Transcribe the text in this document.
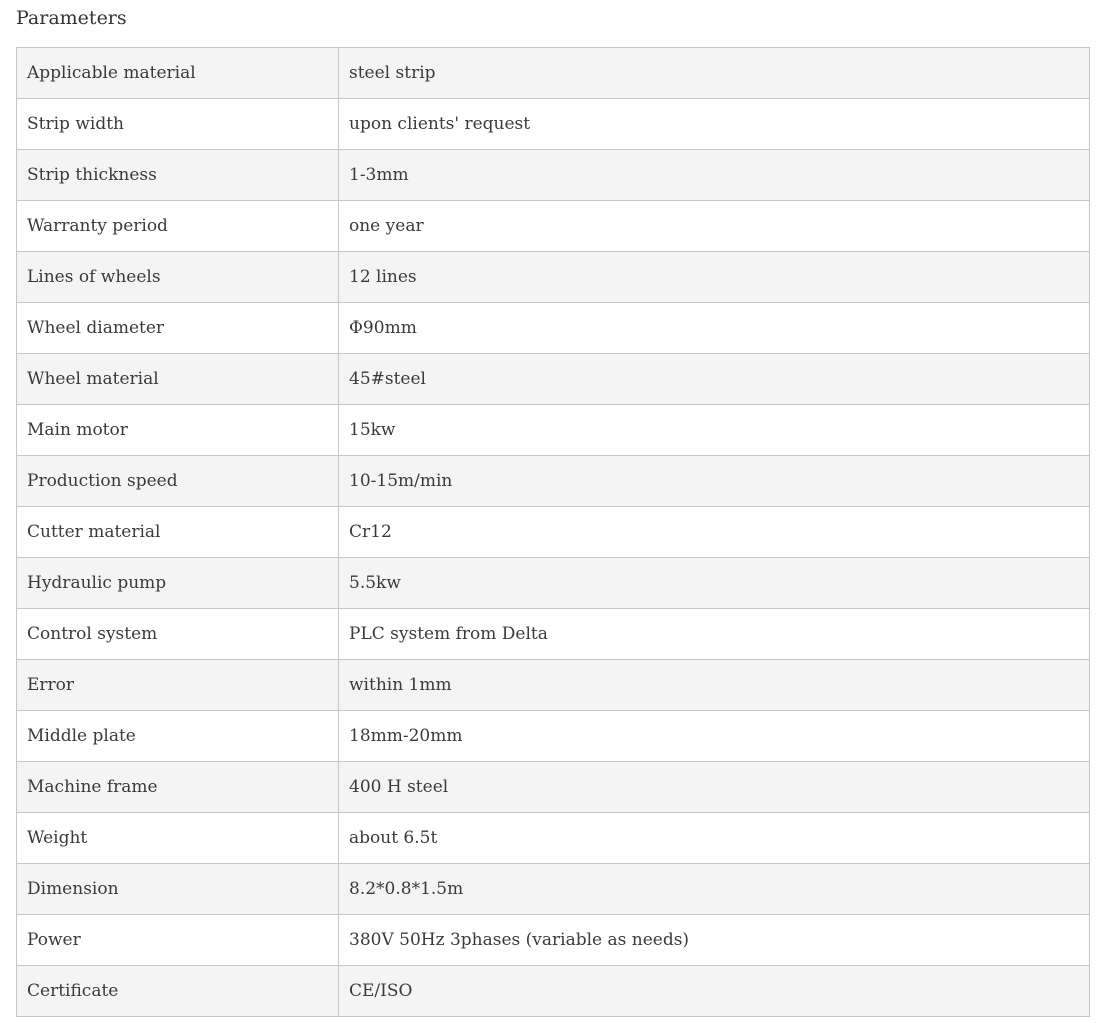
Parameters
Applicable material	steel strip
Strip width	upon clients' request
Strip thickness	1-3mm
Warranty period	one year
Lines of wheels	12 lines
Wheel diameter	Φ90mm
Wheel material	45#steel
Main motor	15kw
Production speed	10-15m/min
Cutter material	Cr12
Hydraulic pump	5.5kw
Control system	PLC system from Delta
Error	within 1mm
Middle plate	18mm-20mm
Machine frame	400 H steel
Weight	about 6.5t
Dimension	8.2*0.8*1.5m
Power	380V 50Hz 3phases (variable as needs)
Certificate	CE/ISO
